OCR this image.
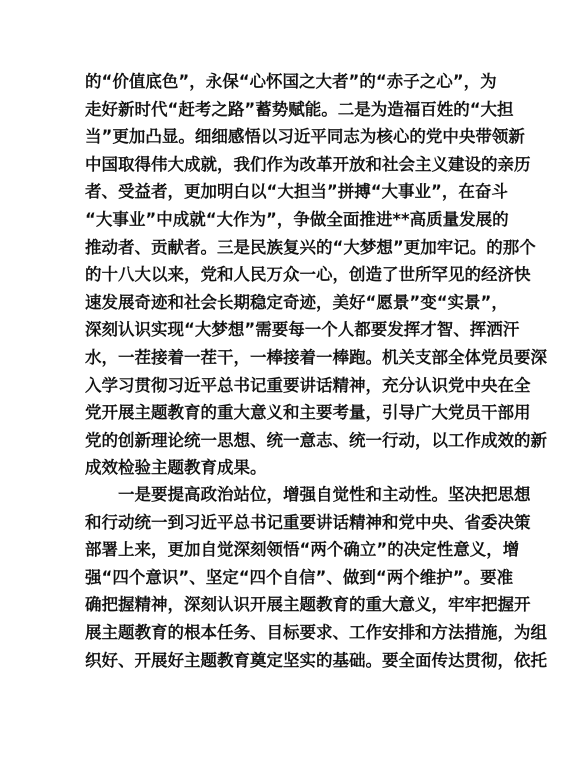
的“价值底色”，永保“心怀国之大者”的“赤子之心”，为
走好新时代“赶考之路”蓄势赋能。二是为造福百姓的“大担
当”更加凸显。细细感悟以习近平同志为核心的党中央带领新
中国取得伟大成就，我们作为改革开放和社会主义建设的亲历
者、受益者，更加明白以“大担当”拼搏“大事业”，在奋斗
“大事业”中成就“大作为”，争做全面推进**高质量发展的
推动者、贡献者。三是民族复兴的“大梦想”更加牢记。的那个
的十八大以来，党和人民万众一心，创造了世所罕见的经济快
速发展奇迹和社会长期稳定奇迹，美好“愿景”变“实景”，
深刻认识实现“大梦想”需要每一个人都要发挥才智、挥洒汗
水，一茬接着一茬干，一棒接着一棒跑。机关支部全体党员要深
入学习贯彻习近平总书记重要讲话精神，充分认识党中央在全
党开展主题教育的重大意义和主要考量，引导广大党员干部用
党的创新理论统一思想、统一意志、统一行动，以工作成效的新
成效检验主题教育成果。
　　一是要提高政治站位，增强自觉性和主动性。坚决把思想
和行动统一到习近平总书记重要讲话精神和党中央、省委决策
部署上来，更加自觉深刻领悟“两个确立”的决定性意义，增
强“四个意识”、坚定“四个自信”、做到“两个维护”。要准
确把握精神，深刻认识开展主题教育的重大意义，牢牢把握开
展主题教育的根本任务、目标要求、工作安排和方法措施，为组
织好、开展好主题教育奠定坚实的基础。要全面传达贯彻，依托
